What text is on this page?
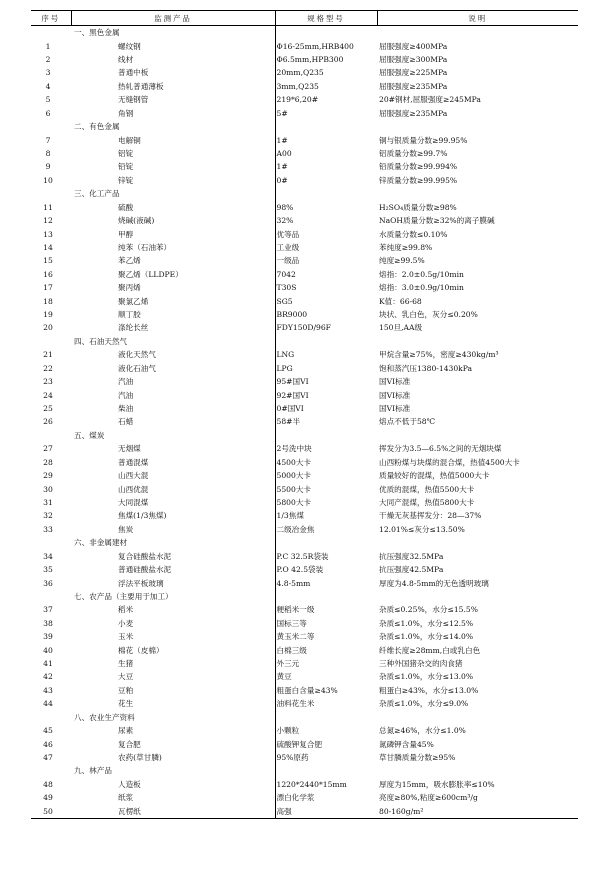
序号	监测产品	规格型号	说明
	一、黑色金属		
1	螺纹钢	Φ16-25mm,HRB400	屈服强度≥400MPa
2	线材	Φ6.5mm,HPB300	屈服强度≥300MPa
3	普通中板	20mm,Q235	屈服强度≥225MPa
4	热轧普通薄板	3mm,Q235	屈服强度≥235MPa
5	无缝钢管	219*6,20#	20#钢材,屈服强度≥245MPa
6	角钢	5#	屈服强度≥235MPa
	二、有色金属		
7	电解铜	1#	铜与银质量分数≥99.95%
8	铝锭	A00	铝质量分数≥99.7%
9	铅锭	1#	铅质量分数≥99.994%
10	锌锭	0#	锌质量分数≥99.995%
	三、化工产品		
11	硫酸	98%	H₂SO₄质量分数≥98%
12	烧碱(液碱)	32%	NaOH质量分数≥32%的离子膜碱
13	甲醇	优等品	水质量分数≤0.10%
14	纯苯（石油苯）	工业级	苯纯度≥99.8%
15	苯乙烯	一级品	纯度≥99.5%
16	聚乙烯（LLDPE）	7042	熔指：2.0±0.5g/10min
17	聚丙烯	T30S	熔指：3.0±0.9g/10min
18	聚氯乙烯	SG5	K值：66-68
19	顺丁胶	BR9000	块状、乳白色，灰分≤0.20%
20	涤纶长丝	FDY150D/96F	150旦,AA级
	四、石油天然气		
21	液化天然气	LNG	甲烷含量≥75%，密度≥430kg/m³
22	液化石油气	LPG	饱和蒸汽压1380-1430kPa
23	汽油	95#国VI	国VI标准
24	汽油	92#国VI	国VI标准
25	柴油	0#国VI	国VI标准
26	石蜡	58#半	熔点不低于58℃
	五、煤炭		
27	无烟煤	2号洗中块	挥发分为3.5—6.5%之间的无烟块煤
28	普通混煤	4500大卡	山西粉煤与块煤的混合煤，热值4500大卡
29	山西大混	5000大卡	质量较好的混煤，热值5000大卡
30	山西优混	5500大卡	优质的混煤，热值5500大卡
31	大同混煤	5800大卡	大同产混煤，热值5800大卡
32	焦煤(1/3焦煤)	1/3焦煤	干燥无灰基挥发分：28—37%
33	焦炭	二级冶金焦	12.01%≤灰分≤13.50%
	六、非金属建材		
34	复合硅酸盐水泥	P.C 32.5R袋装	抗压强度32.5MPa
35	普通硅酸盐水泥	P.O 42.5袋装	抗压强度42.5MPa
36	浮法平板玻璃	4.8-5mm	厚度为4.8-5mm的无色透明玻璃
	七、农产品（主要用于加工）		
37	稻米	粳稻米一级	杂质≤0.25%，水分≤15.5%
38	小麦	国标三等	杂质≤1.0%，水分≤12.5%
39	玉米	黄玉米二等	杂质≤1.0%，水分≤14.0%
40	棉花（皮棉）	白棉三级	纤维长度≥28mm,白或乳白色
41	生猪	外三元	三种外国猪杂交的肉食猪
42	大豆	黄豆	杂质≤1.0%，水分≤13.0%
43	豆粕	粗蛋白含量≥43%	粗蛋白≥43%，水分≤13.0%
44	花生	油料花生米	杂质≤1.0%，水分≤9.0%
	八、农业生产资料		
45	尿素	小颗粒	总氮≥46%，水分≤1.0%
46	复合肥	硫酸钾复合肥	氮磷钾含量45%
47	农药(草甘膦)	95%原药	草甘膦质量分数≥95%
	九、林产品		
48	人造板	1220*2440*15mm	厚度为15mm，吸水膨胀率≤10%
49	纸浆	漂白化学浆	亮度≥80%,粘度≥600cm³/g
50	瓦楞纸	高强	80-160g/m²
